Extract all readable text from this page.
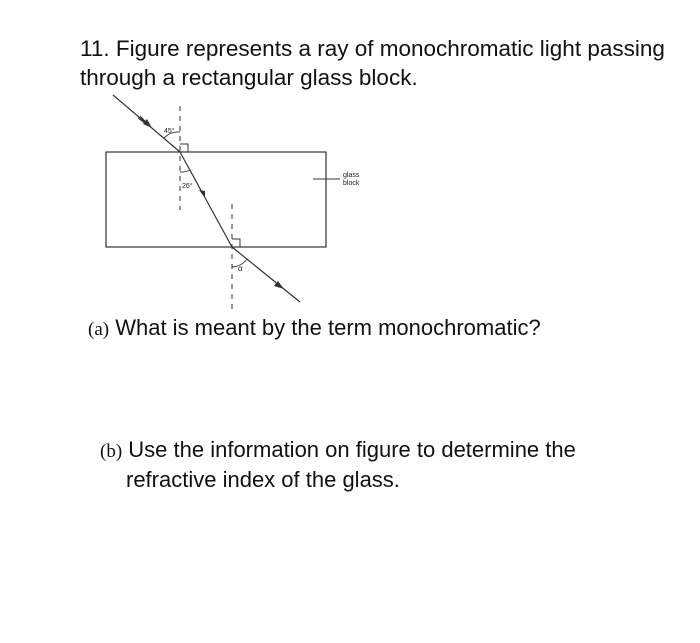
11. Figure represents a ray of monochromatic light passing through a rectangular glass block.

45°
26°
α
glass
block

(a) What is meant by the term monochromatic?

(b) Use the information on figure to determine the
refractive index of the glass.
